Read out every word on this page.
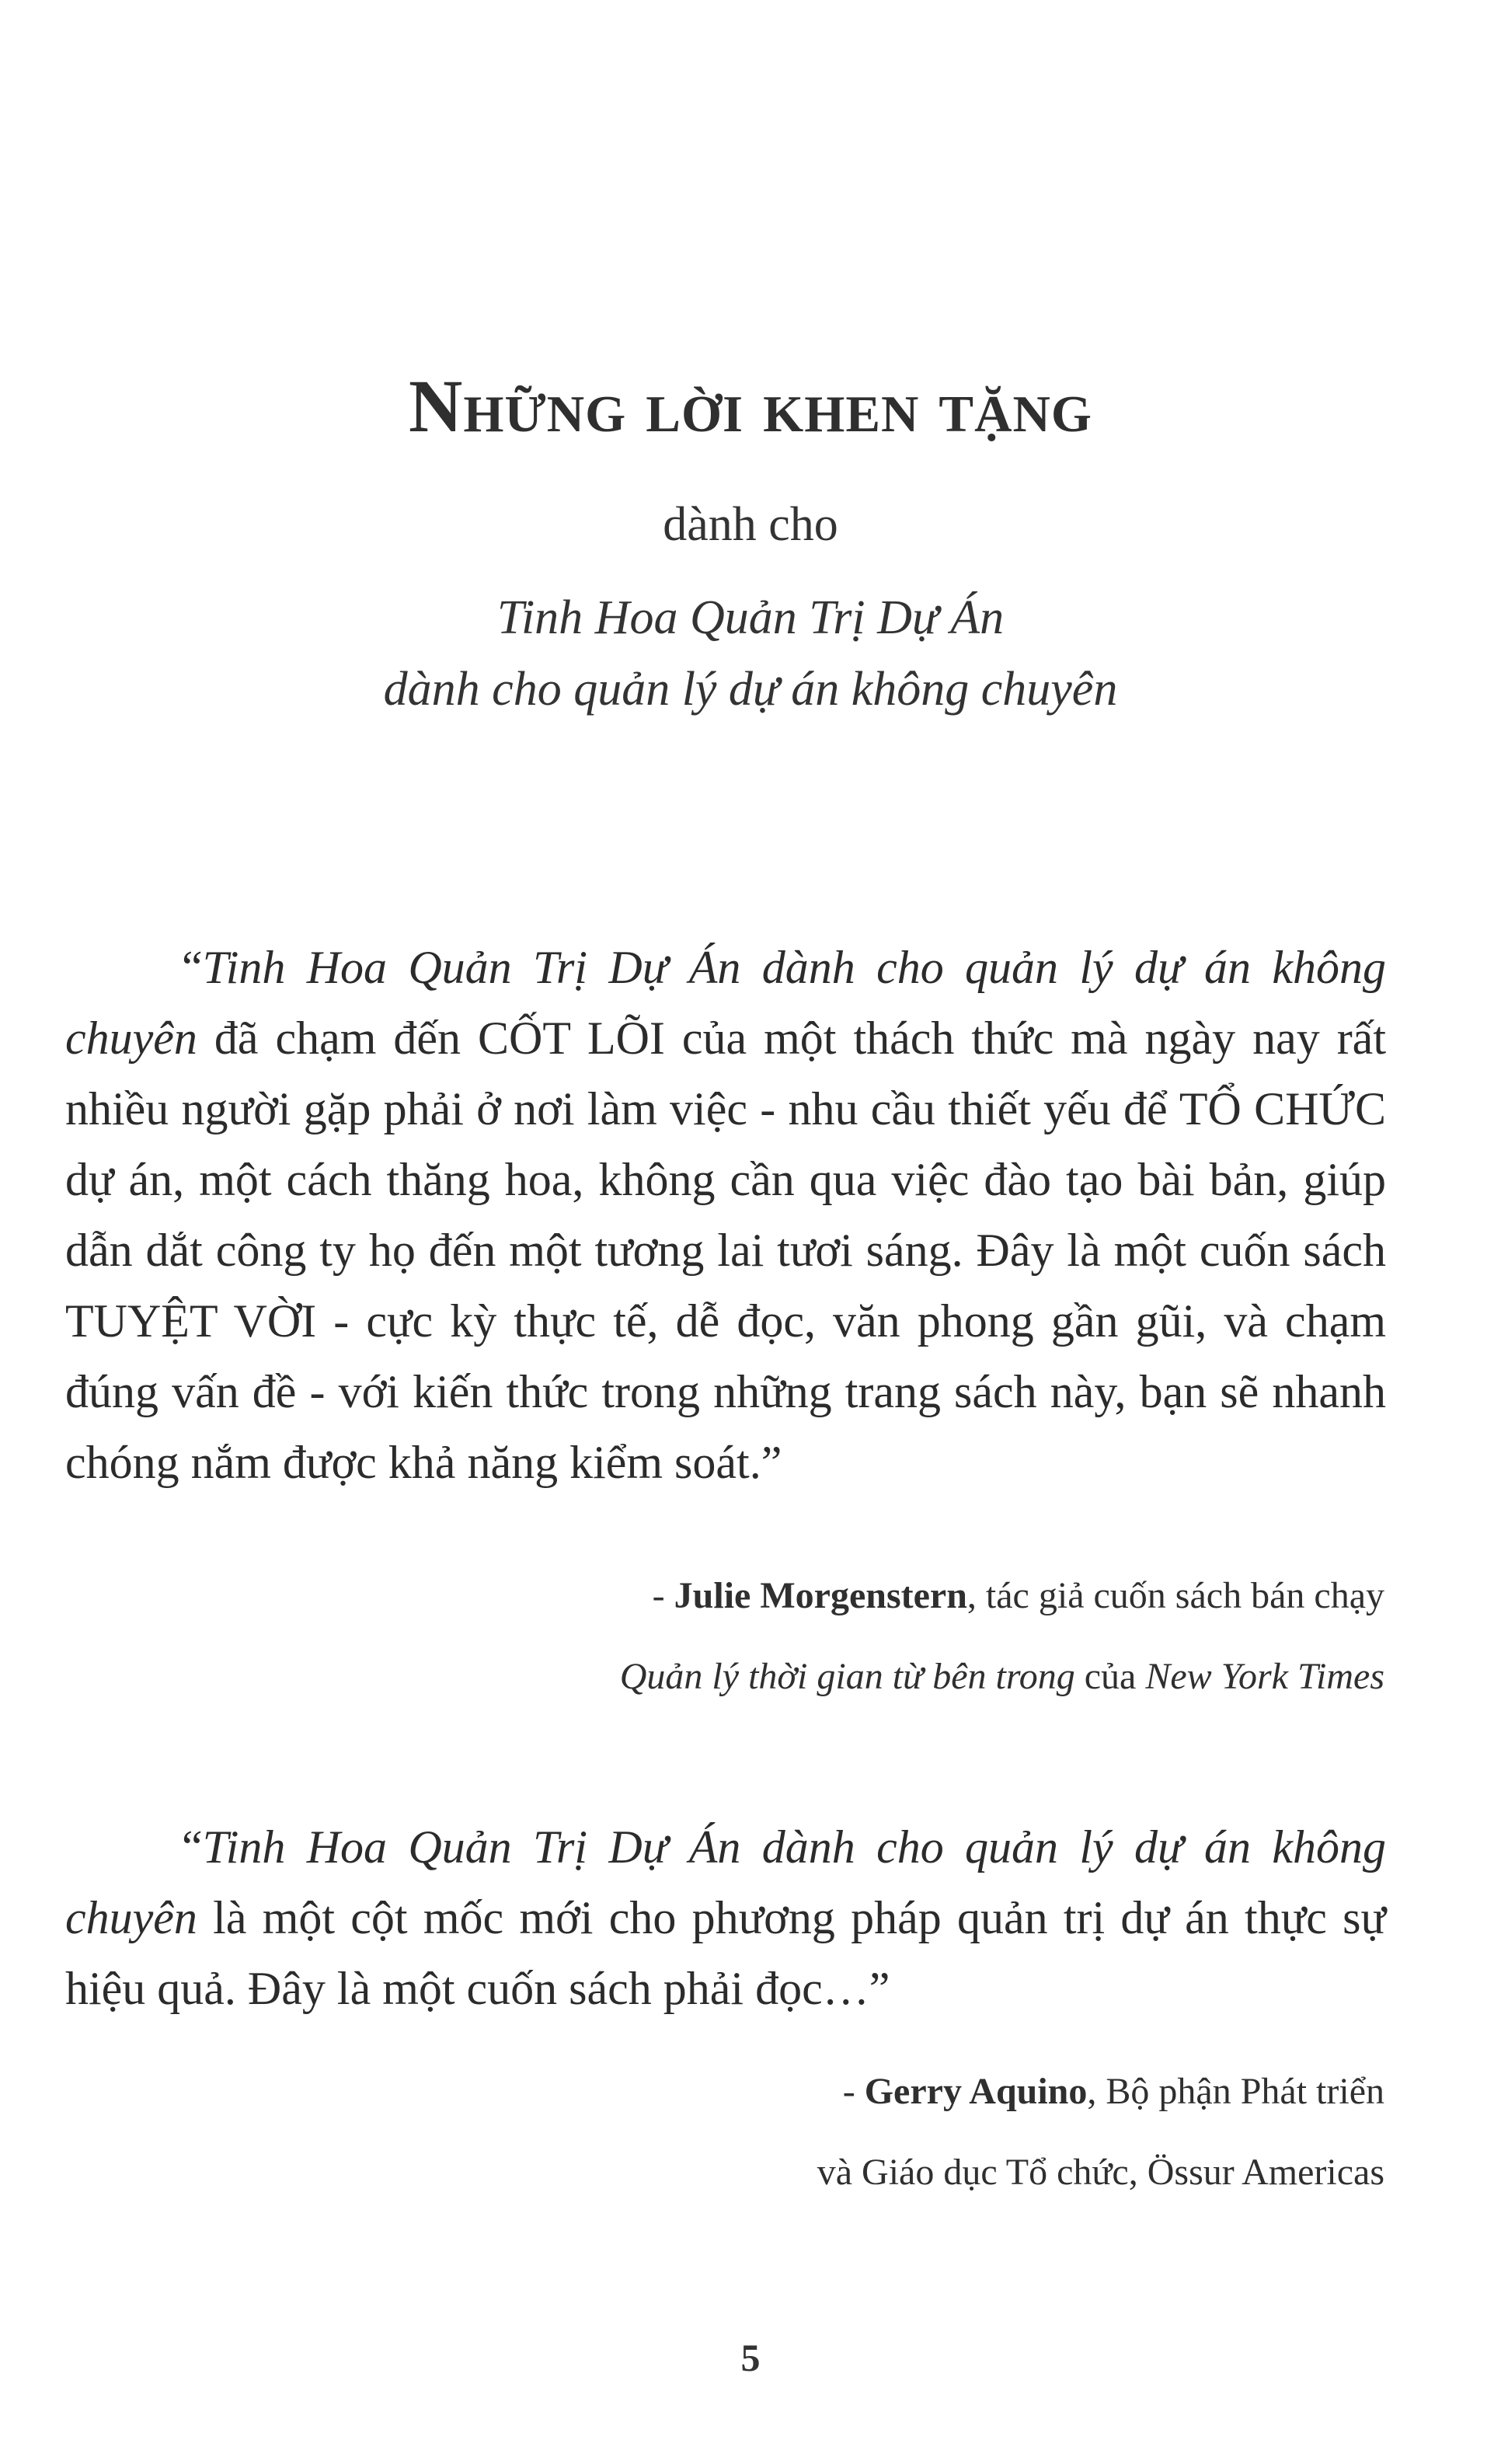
Những lời khen tặng
dành cho
Tinh Hoa Quản Trị Dự Án
dành cho quản lý dự án không chuyên
“Tinh Hoa Quản Trị Dự Án dành cho quản lý dự án không chuyên đã chạm đến CỐT LÕI của một thách thức mà ngày nay rất nhiều người gặp phải ở nơi làm việc - nhu cầu thiết yếu để TỔ CHỨC dự án, một cách thăng hoa, không cần qua việc đào tạo bài bản, giúp dẫn dắt công ty họ đến một tương lai tươi sáng. Đây là một cuốn sách TUYỆT VỜI - cực kỳ thực tế, dễ đọc, văn phong gần gũi, và chạm đúng vấn đề - với kiến thức trong những trang sách này, bạn sẽ nhanh chóng nắm được khả năng kiểm soát.”
- Julie Morgenstern, tác giả cuốn sách bán chạy
Quản lý thời gian từ bên trong của New York Times
“Tinh Hoa Quản Trị Dự Án dành cho quản lý dự án không chuyên là một cột mốc mới cho phương pháp quản trị dự án thực sự hiệu quả. Đây là một cuốn sách phải đọc…”
- Gerry Aquino, Bộ phận Phát triển
và Giáo dục Tổ chức, Össur Americas
5
